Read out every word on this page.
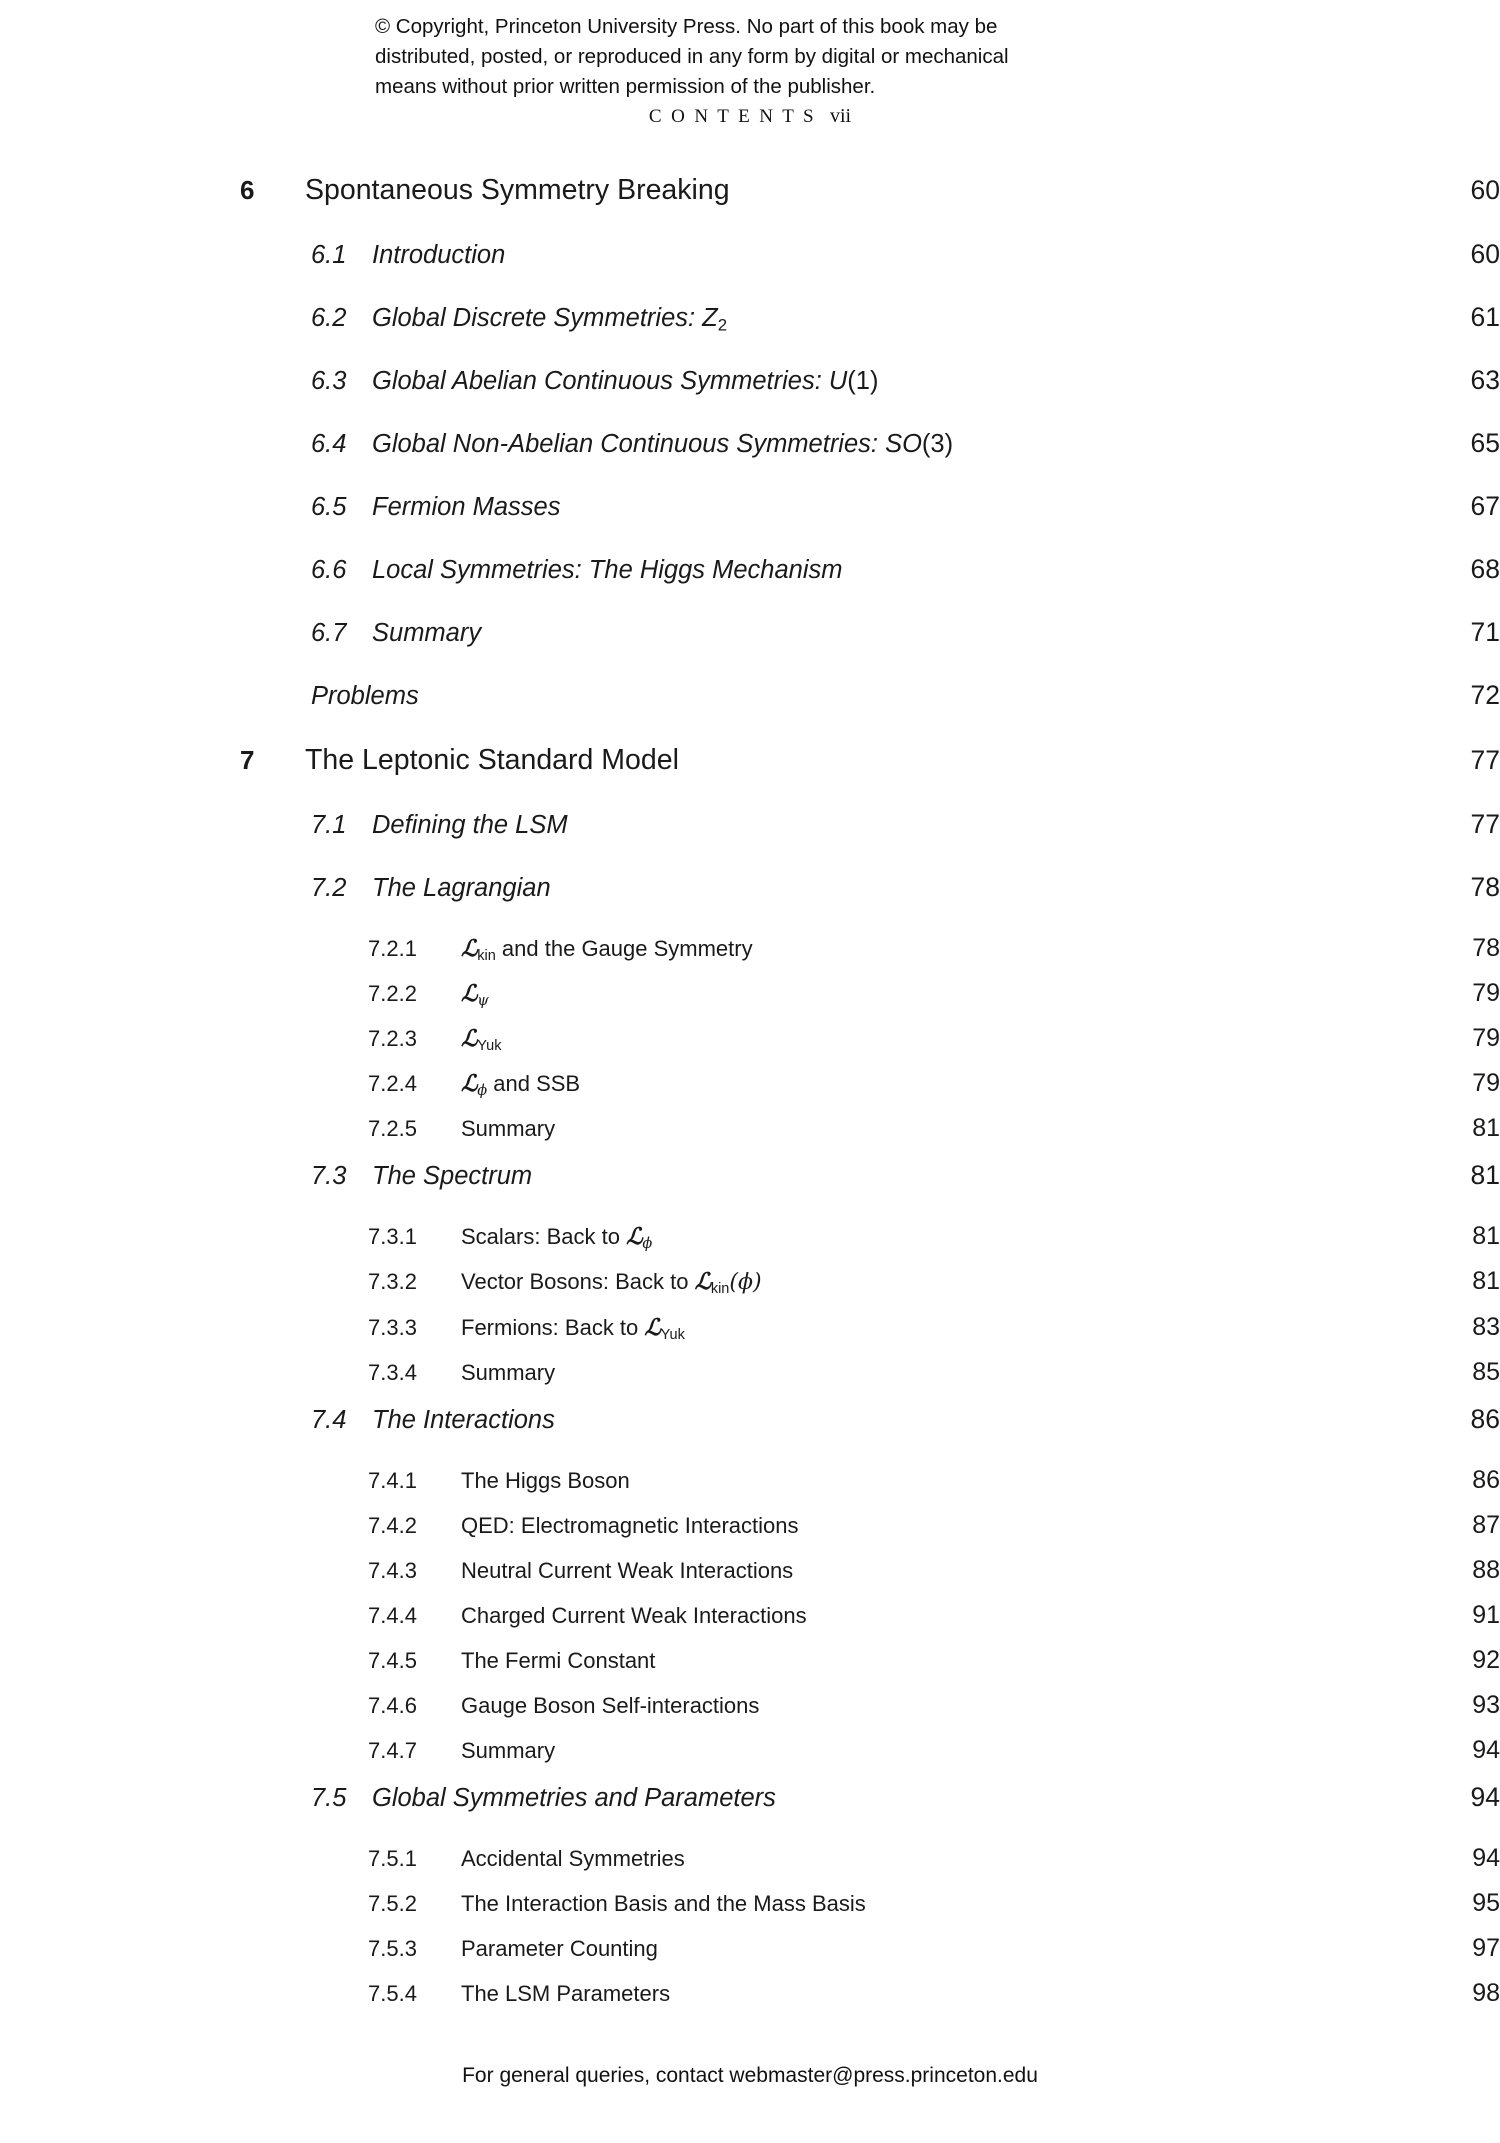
© Copyright, Princeton University Press. No part of this book may be
distributed, posted, or reproduced in any form by digital or mechanical
means without prior written permission of the publisher.
C O N T E N T S vii
6	Spontaneous Symmetry Breaking	60
6.1	Introduction	60
6.2	Global Discrete Symmetries: $Z_2$	61
6.3	Global Abelian Continuous Symmetries: U(1)	63
6.4	Global Non-Abelian Continuous Symmetries: SO(3)	65
6.5	Fermion Masses	67
6.6	Local Symmetries: The Higgs Mechanism	68
6.7	Summary	71
Problems	72
7	The Leptonic Standard Model	77
7.1	Defining the LSM	77
7.2	The Lagrangian	78
7.2.1	ℒ$_{kin}$ and the Gauge Symmetry	78
7.2.2	ℒ$_\psi$	79
7.2.3	ℒ$_{Yuk}$	79
7.2.4	ℒ$_\phi$ and SSB	79
7.2.5	Summary	81
7.3	The Spectrum	81
7.3.1	Scalars: Back to ℒ$_\phi$	81
7.3.2	Vector Bosons: Back to ℒ$_{kin}$(ϕ)	81
7.3.3	Fermions: Back to ℒ$_{Yuk}$	83
7.3.4	Summary	85
7.4	The Interactions	86
7.4.1	The Higgs Boson	86
7.4.2	QED: Electromagnetic Interactions	87
7.4.3	Neutral Current Weak Interactions	88
7.4.4	Charged Current Weak Interactions	91
7.4.5	The Fermi Constant	92
7.4.6	Gauge Boson Self-interactions	93
7.4.7	Summary	94
7.5	Global Symmetries and Parameters	94
7.5.1	Accidental Symmetries	94
7.5.2	The Interaction Basis and the Mass Basis	95
7.5.3	Parameter Counting	97
7.5.4	The LSM Parameters	98
For general queries, contact webmaster@press.princeton.edu
